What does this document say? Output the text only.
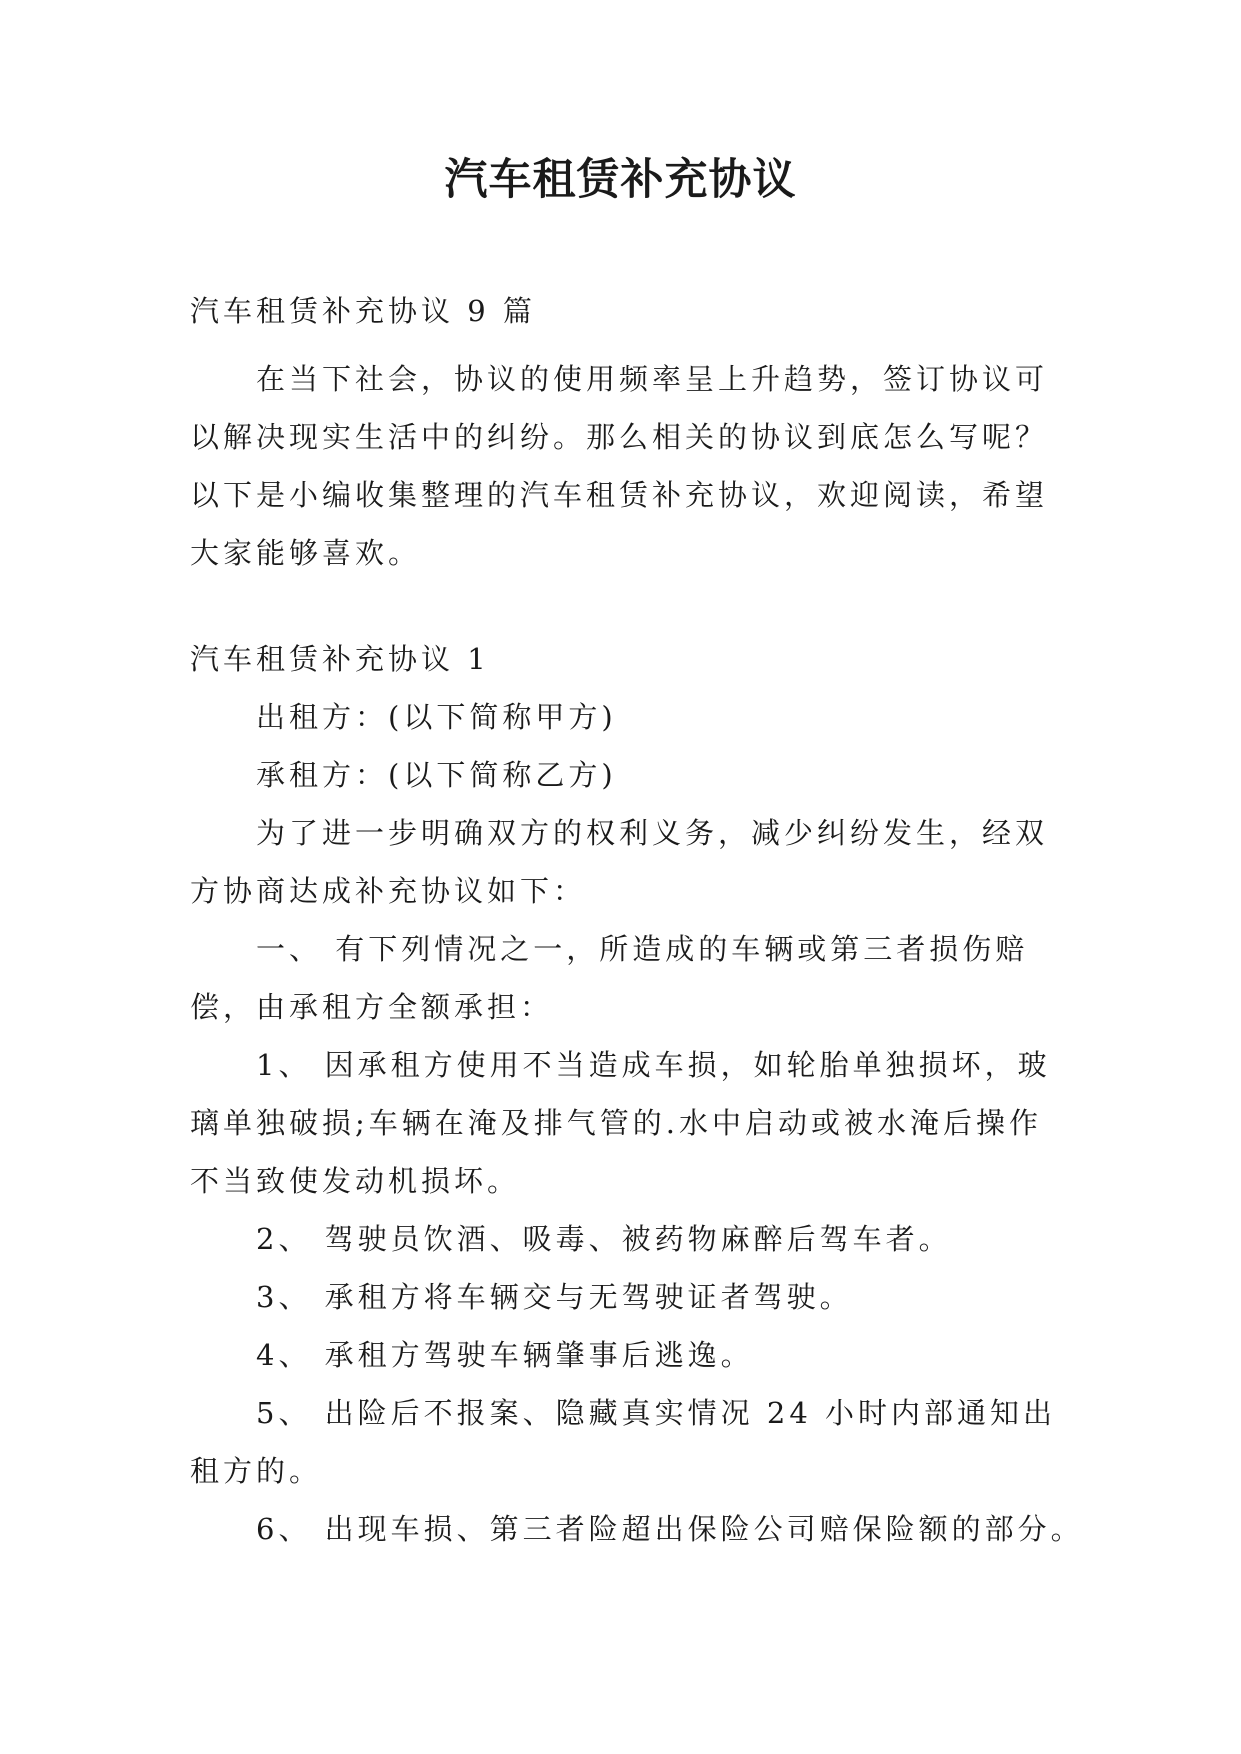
汽车租赁补充协议

汽车租赁补充协议 9 篇

在当下社会，协议的使用频率呈上升趋势，签订协议可

以解决现实生活中的纠纷。那么相关的协议到底怎么写呢？

以下是小编收集整理的汽车租赁补充协议，欢迎阅读，希望

大家能够喜欢。

汽车租赁补充协议 1

出租方：(以下简称甲方)

承租方：(以下简称乙方)

为了进一步明确双方的权利义务，减少纠纷发生，经双

方协商达成补充协议如下：

一、 有下列情况之一，所造成的车辆或第三者损伤赔

偿，由承租方全额承担：

1、 因承租方使用不当造成车损，如轮胎单独损坏，玻

璃单独破损;车辆在淹及排气管的.水中启动或被水淹后操作

不当致使发动机损坏。

2、 驾驶员饮酒、吸毒、被药物麻醉后驾车者。

3、 承租方将车辆交与无驾驶证者驾驶。

4、 承租方驾驶车辆肇事后逃逸。

5、 出险后不报案、隐藏真实情况 24 小时内部通知出

租方的。

6、 出现车损、第三者险超出保险公司赔保险额的部分。
